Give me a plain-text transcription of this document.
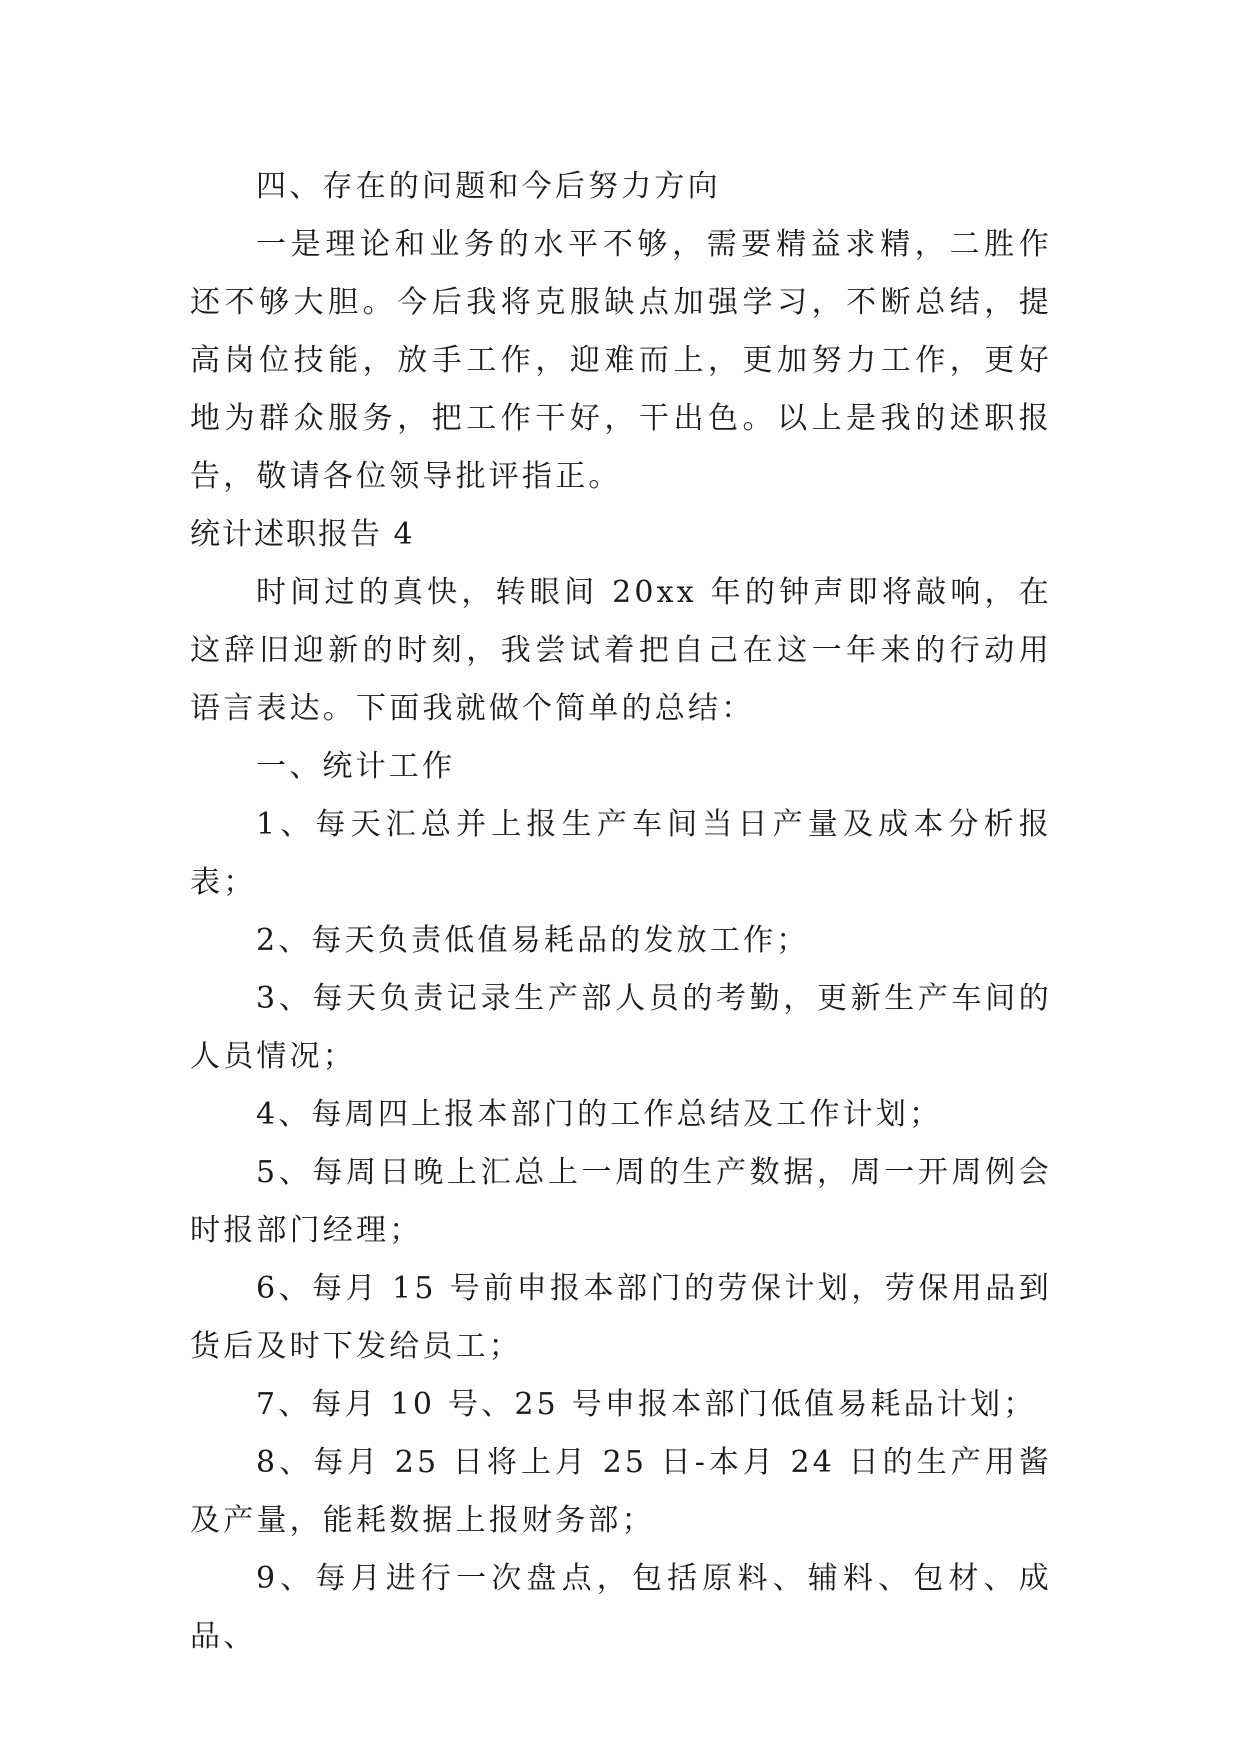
四、存在的问题和今后努力方向

一是理论和业务的水平不够，需要精益求精，二胜作还不够大胆。今后我将克服缺点加强学习，不断总结，提高岗位技能，放手工作，迎难而上，更加努力工作，更好地为群众服务，把工作干好，干出色。以上是我的述职报告，敬请各位领导批评指正。

统计述职报告 4

时间过的真快，转眼间 20xx 年的钟声即将敲响，在这辞旧迎新的时刻，我尝试着把自己在这一年来的行动用语言表达。下面我就做个简单的总结：

一、统计工作

1、每天汇总并上报生产车间当日产量及成本分析报表；

2、每天负责低值易耗品的发放工作；

3、每天负责记录生产部人员的考勤，更新生产车间的人员情况；

4、每周四上报本部门的工作总结及工作计划；

5、每周日晚上汇总上一周的生产数据，周一开周例会时报部门经理；

6、每月 15 号前申报本部门的劳保计划，劳保用品到货后及时下发给员工；

7、每月 10 号、25 号申报本部门低值易耗品计划；

8、每月 25 日将上月 25 日-本月 24 日的生产用酱及产量，能耗数据上报财务部；

9、每月进行一次盘点，包括原料、辅料、包材、成品、
